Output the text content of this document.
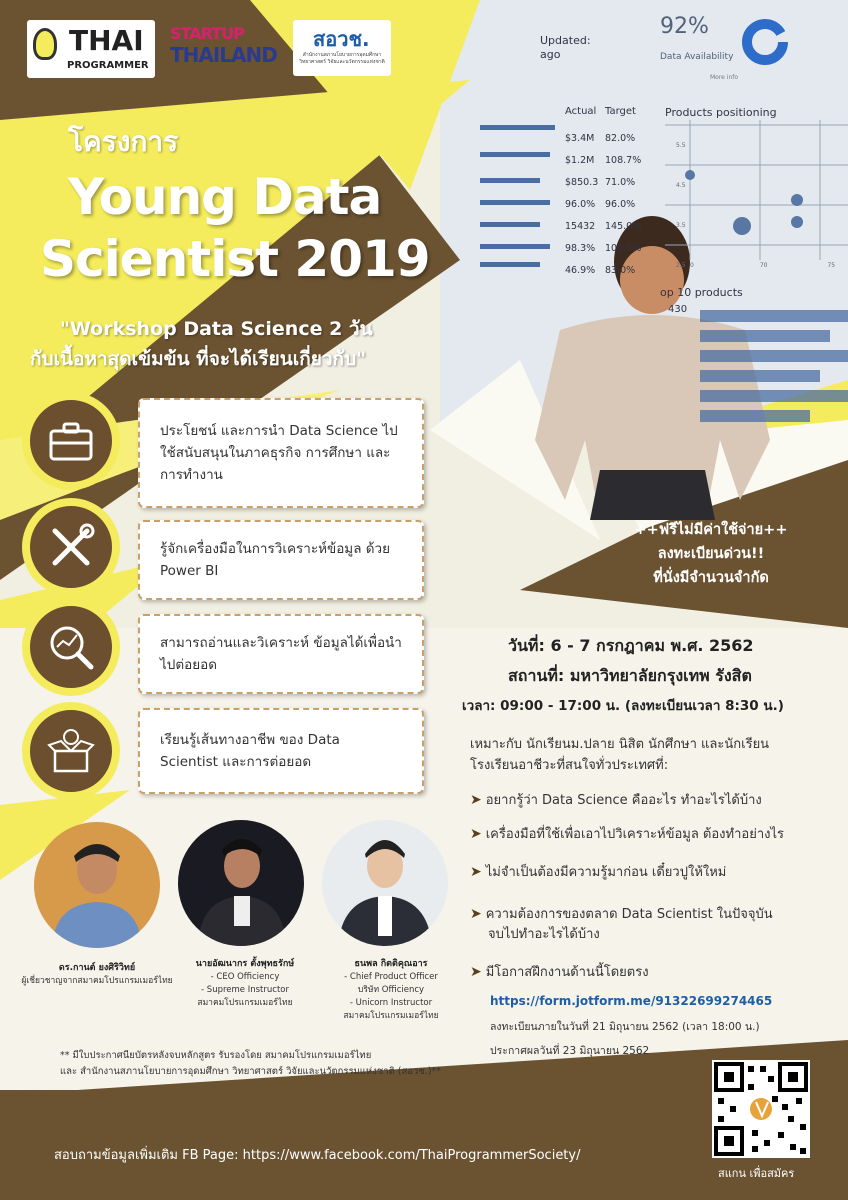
THAI
PROGRAMMER
STARTUP
THAILAND
สอวช.
สำนักงานสภานโยบายการอุดมศึกษา วิทยาศาสตร์ วิจัยและนวัตกรรมแห่งชาติ
Updated:
ago
92%
Data Availability
More info
Actual Target	Products positioning
op 10 products
430
$3.4M 82.0%
$1.2M 108.7%
$850.3 71.0%
96.0% 96.0%
15432 145.0%
98.3% 100.0%
46.9% 83.0%
5.5
4.5
3.5
2.5 0	70	75
โครงการ
Young Data
Scientist 2019
"Workshop Data Science 2 วัน
กับเนื้อหาสุดเข้มข้น ที่จะได้เรียนเกี่ยวกับ"
ประโยชน์ และการนำ Data Science ไปใช้สนับสนุนในภาคธุรกิจ การศึกษา และการทำงาน
รู้จักเครื่องมือในการวิเคราะห์ข้อมูล ด้วย Power BI
สามารถอ่านและวิเคราะห์ ข้อมูลได้เพื่อนำไปต่อยอด
เรียนรู้เส้นทางอาชีพ ของ Data Scientist และการต่อยอด
++ฟรีไม่มีค่าใช้จ่าย++
ลงทะเบียนด่วน!!
ที่นั่งมีจำนวนจำกัด
วันที่: 6 - 7 กรกฎาคม พ.ศ. 2562
สถานที่: มหาวิทยาลัยกรุงเทพ รังสิต
เวลา: 09:00 - 17:00 น. (ลงทะเบียนเวลา 8:30 น.)
เหมาะกับ นักเรียนม.ปลาย นิสิต นักศึกษา และนักเรียน
โรงเรียนอาชีวะที่สนใจทั่วประเทศที่:
➤ อยากรู้ว่า Data Science คืออะไร ทำอะไรได้บ้าง
➤ เครื่องมือที่ใช้เพื่อเอาไปวิเคราะห์ข้อมูล ต้องทำอย่างไร
➤ ไม่จำเป็นต้องมีความรู้มาก่อน เดี๋ยวปูให้ใหม่
➤ ความต้องการของตลาด Data Scientist ในปัจจุบัน
จบไปทำอะไรได้บ้าง
➤ มีโอกาสฝึกงานด้านนี้โดยตรง
https://form.jotform.me/91322699274465
ลงทะเบียนภายในวันที่ 21 มิถุนายน 2562 (เวลา 18:00 น.)
ประกาศผลวันที่ 23 มิถุนายน 2562
ดร.กานต์ ยงศิริวิทย์
ผู้เชี่ยวชาญจากสมาคมโปรแกรมเมอร์ไทย
นายอัฒนากร ตั้งพุทธรักษ์
- CEO Officiency
- Supreme Instructor
สมาคมโปรแกรมเมอร์ไทย
ธนพล กิตติคุณอาร
- Chief Product Officer
บริษัท Officiency
- Unicorn Instructor
สมาคมโปรแกรมเมอร์ไทย
** มีใบประกาศนียบัตรหลังจบหลักสูตร รับรองโดย สมาคมโปรแกรมเมอร์ไทย
และ สำนักงานสภานโยบายการอุดมศึกษา วิทยาศาสตร์ วิจัยและนวัตกรรมแห่งชาติ (สอวช.)**
สอบถามข้อมูลเพิ่มเติม FB Page: https://www.facebook.com/ThaiProgrammerSociety/
สแกน เพื่อสมัคร
